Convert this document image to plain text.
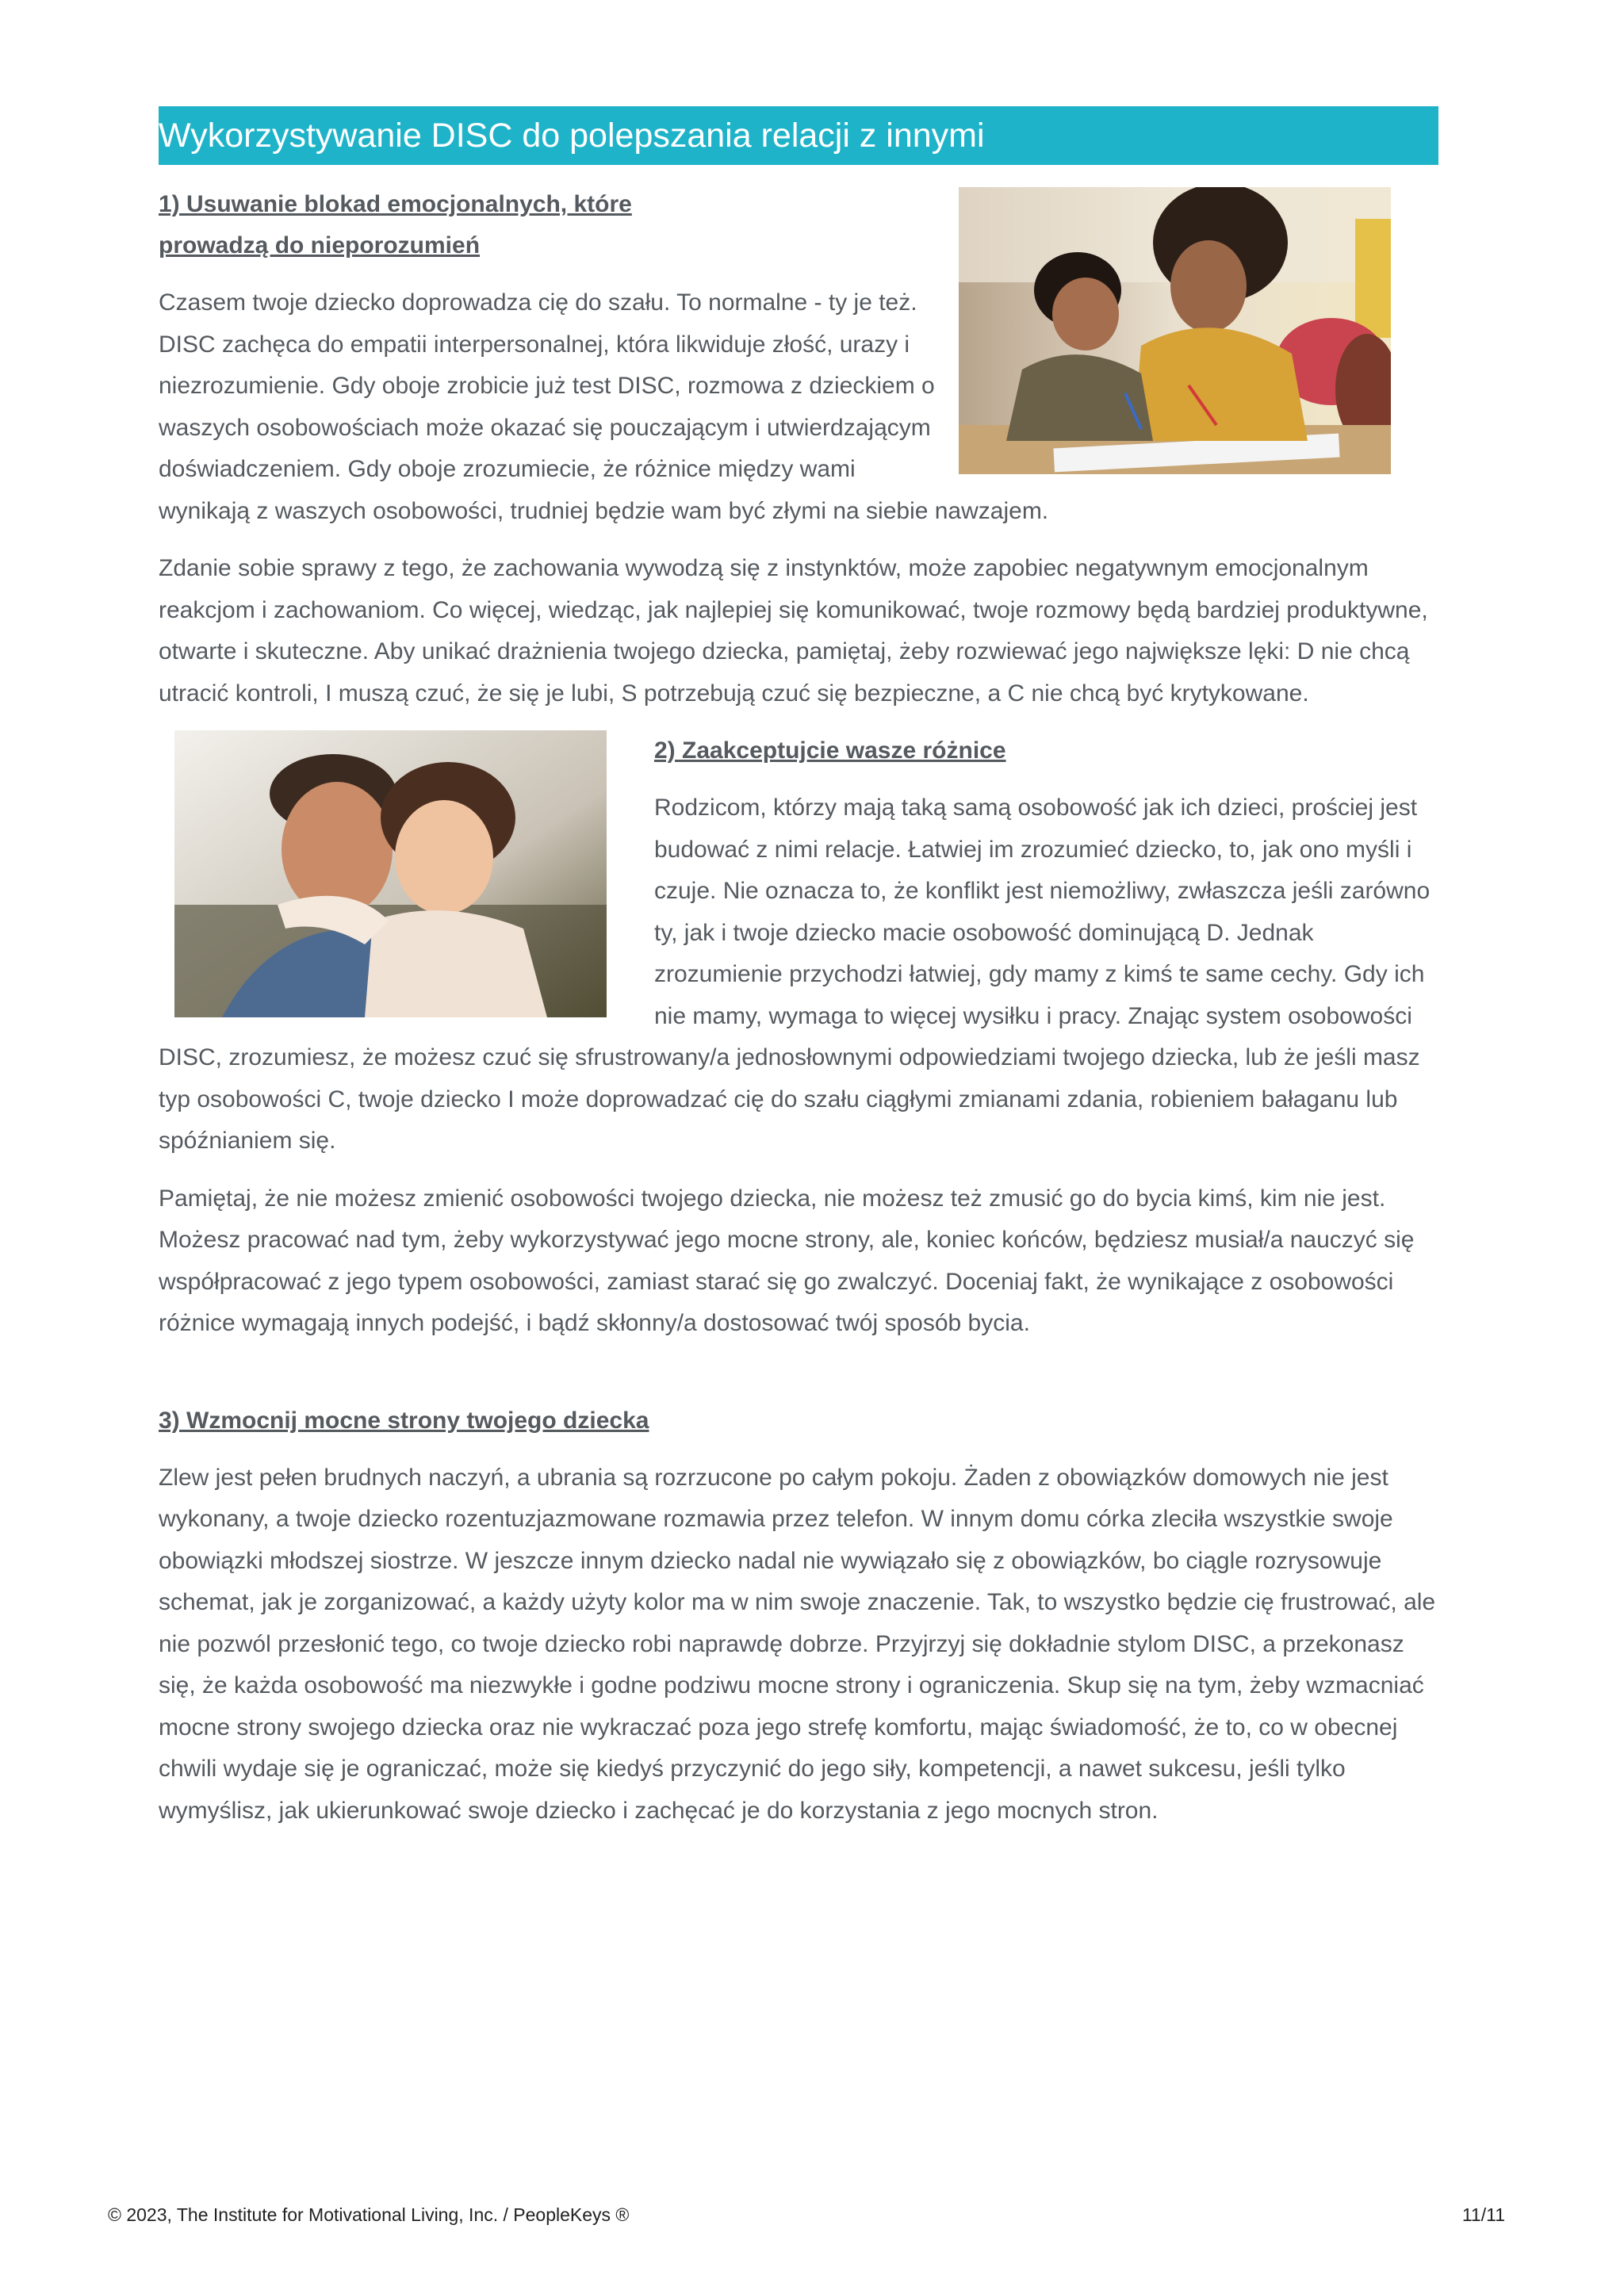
Wykorzystywanie DISC do polepszania relacji z innymi
1) Usuwanie blokad emocjonalnych, które prowadzą do nieporozumień

Czasem twoje dziecko doprowadza cię do szału. To normalne - ty je też. DISC zachęca do empatii interpersonalnej, która likwiduje złość, urazy i niezrozumienie. Gdy oboje zrobicie już test DISC, rozmowa z dzieckiem o waszych osobowościach może okazać się pouczającym i utwierdzającym doświadczeniem. Gdy oboje zrozumiecie, że różnice między wami wynikają z waszych osobowości, trudniej będzie wam być złymi na siebie nawzajem.

Zdanie sobie sprawy z tego, że zachowania wywodzą się z instynktów, może zapobiec negatywnym emocjonalnym reakcjom i zachowaniom. Co więcej, wiedząc, jak najlepiej się komunikować, twoje rozmowy będą bardziej produktywne, otwarte i skuteczne. Aby unikać drażnienia twojego dziecka, pamiętaj, żeby rozwiewać jego największe lęki: D nie chcą utracić kontroli, I muszą czuć, że się je lubi, S potrzebują czuć się bezpieczne, a C nie chcą być krytykowane.

2) Zaakceptujcie wasze różnice

Rodzicom, którzy mają taką samą osobowość jak ich dzieci, prościej jest budować z nimi relacje. Łatwiej im zrozumieć dziecko, to, jak ono myśli i czuje. Nie oznacza to, że konflikt jest niemożliwy, zwłaszcza jeśli zarówno ty, jak i twoje dziecko macie osobowość dominującą D. Jednak zrozumienie przychodzi łatwiej, gdy mamy z kimś te same cechy. Gdy ich nie mamy, wymaga to więcej wysiłku i pracy. Znając system osobowości DISC, zrozumiesz, że możesz czuć się sfrustrowany/a jednosłownymi odpowiedziami twojego dziecka, lub że jeśli masz typ osobowości C, twoje dziecko I może doprowadzać cię do szału ciągłymi zmianami zdania, robieniem bałaganu lub spóźnianiem się.

Pamiętaj, że nie możesz zmienić osobowości twojego dziecka, nie możesz też zmusić go do bycia kimś, kim nie jest. Możesz pracować nad tym, żeby wykorzystywać jego mocne strony, ale, koniec końców, będziesz musiał/a nauczyć się współpracować z jego typem osobowości, zamiast starać się go zwalczyć. Doceniaj fakt, że wynikające z osobowości różnice wymagają innych podejść, i bądź skłonny/a dostosować twój sposób bycia.

3) Wzmocnij mocne strony twojego dziecka

Zlew jest pełen brudnych naczyń, a ubrania są rozrzucone po całym pokoju. Żaden z obowiązków domowych nie jest wykonany, a twoje dziecko rozentuzjazmowane rozmawia przez telefon. W innym domu córka zleciła wszystkie swoje obowiązki młodszej siostrze. W jeszcze innym dziecko nadal nie wywiązało się z obowiązków, bo ciągle rozrysowuje schemat, jak je zorganizować, a każdy użyty kolor ma w nim swoje znaczenie. Tak, to wszystko będzie cię frustrować, ale nie pozwól przesłonić tego, co twoje dziecko robi naprawdę dobrze. Przyjrzyj się dokładnie stylom DISC, a przekonasz się, że każda osobowość ma niezwykłe i godne podziwu mocne strony i ograniczenia. Skup się na tym, żeby wzmacniać mocne strony swojego dziecka oraz nie wykraczać poza jego strefę komfortu, mając świadomość, że to, co w obecnej chwili wydaje się je ograniczać, może się kiedyś przyczynić do jego siły, kompetencji, a nawet sukcesu, jeśli tylko wymyślisz, jak ukierunkować swoje dziecko i zachęcać je do korzystania z jego mocnych stron.

© 2023, The Institute for Motivational Living, Inc. / PeopleKeys ®	11/11
